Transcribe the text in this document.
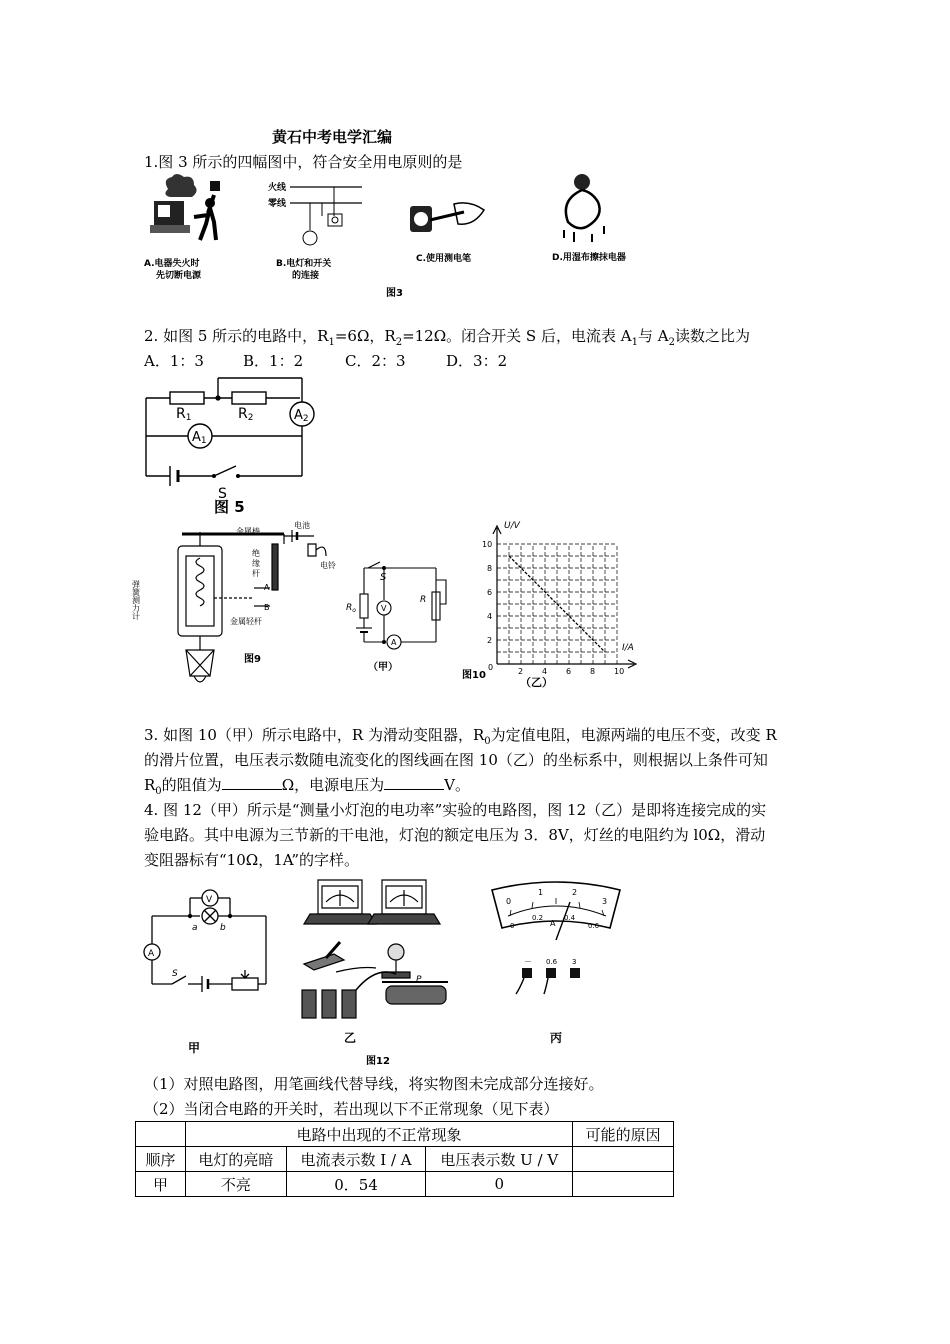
黄石中考电学汇编
1.图 3 所示的四幅图中，符合安全用电原则的是
A.电器失火时
先切断电源
火线
零线
B.电灯和开关
的连接
C.使用测电笔	D.用湿布擦抹电器
图3
2. 如图 5 所示的电路中，$R_1=6\Omega$，$R_2=12\Omega$。闭合开关 S 后，电流表 $A_1$与 $A_2$读数之比为
A．1：3	B．1：2	C．2：3	D．3：2
R1	R2	A2
A1
S
图 5
金属棒
电池
绝
缘
杆
电铃
弹簧测力计	A
B
金属轻杆
图9
S
$R_o$
R
V
A
（甲）
图10	2 4 6 8 10
10
8
6
4
2
U/V
I/A
0
（乙）
3. 如图 10（甲）所示电路中，R 为滑动变阻器，$R_0$为定值电阻，电源两端的电压不变，改变 R
的滑片位置，电压表示数随电流变化的图线画在图 10（乙）的坐标系中，则根据以上条件可知
$R_0$的阻值为	Ω，电源电压为	V。
4. 图 12（甲）所示是“测量小灯泡的电功率”实验的电路图，图 12（乙）是即将连接完成的实
验电路。其中电源为三节新的干电池，灯泡的额定电压为 3．8V，灯丝的电阻约为 l0Ω，滑动
变阻器标有“10Ω，1A”的字样。
V
A
S
a b
甲
P
乙
图12
0
1	2
3
0
0.2	0.4
0.6
A
－ 0.6 3
丙
（1）对照电路图，用笔画线代替导线，将实物图未完成部分连接好。
（2）当闭合电路的开关时，若出现以下不正常现象（见下表）
	电路中出现的不正常现象			可能的原因
顺序	电灯的亮暗	电流表示数 I / A	电压表示数 U / V	
甲	不亮	0．54	0	
